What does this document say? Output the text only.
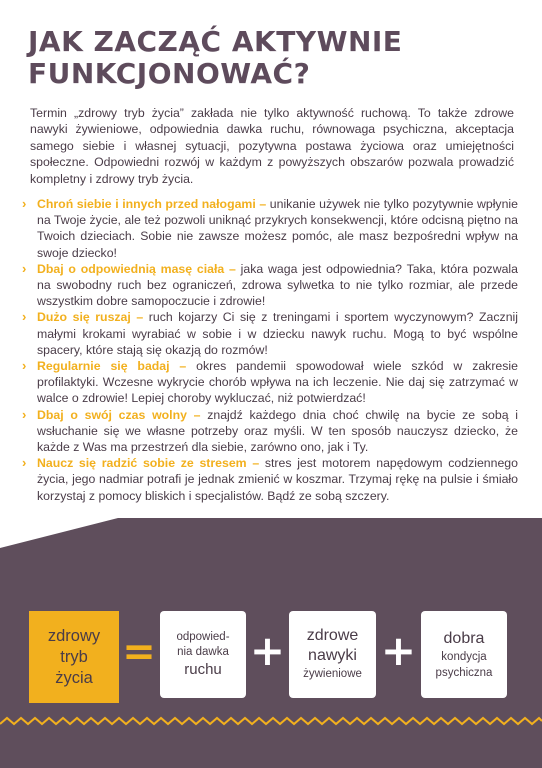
JAK ZACZĄĆ AKTYWNIE
FUNKCJONOWAĆ?

Termin „zdrowy tryb życia” zakłada nie tylko aktywność ruchową. To także zdrowe nawyki żywieniowe, odpowiednia dawka ruchu, równowaga psychiczna, akceptacja samego siebie i własnej sytuacji, pozytywna postawa życiowa oraz umiejętności społeczne. Odpowiedni rozwój w każdym z powyższych obszarów pozwala prowadzić kompletny i zdrowy tryb życia.

› Chroń siebie i innych przed nałogami – unikanie używek nie tylko pozytywnie wpłynie na Twoje życie, ale też pozwoli uniknąć przykrych konsekwencji, które odcisną piętno na Twoich dzieciach. Sobie nie zawsze możesz pomóc, ale masz bezpośredni wpływ na swoje dziecko!
› Dbaj o odpowiednią masę ciała – jaka waga jest odpowiednia? Taka, która pozwala na swobodny ruch bez ograniczeń, zdrowa sylwetka to nie tylko rozmiar, ale przede wszystkim dobre samopoczucie i zdrowie!
› Dużo się ruszaj – ruch kojarzy Ci się z treningami i sportem wyczynowym? Zacznij małymi krokami wyrabiać w sobie i w dziecku nawyk ruchu. Mogą to być wspólne spacery, które stają się okazją do rozmów!
› Regularnie się badaj – okres pandemii spowodował wiele szkód w zakresie profilaktyki. Wczesne wykrycie chorób wpływa na ich leczenie. Nie daj się zatrzymać w walce o zdrowie! Lepiej choroby wykluczać, niż potwierdzać!
› Dbaj o swój czas wolny – znajdź każdego dnia choć chwilę na bycie ze sobą i wsłuchanie się we własne potrzeby oraz myśli. W ten sposób nauczysz dziecko, że każde z Was ma przestrzeń dla siebie, zarówno ono, jak i Ty.
› Naucz się radzić sobie ze stresem – stres jest motorem napędowym codziennego życia, jego nadmiar potrafi je jednak zmienić w koszmar. Trzymaj rękę na pulsie i śmiało korzystaj z pomocy bliskich i specjalistów. Bądź ze sobą szczery.
zdrowy
tryb
życia
= odpowied-
nia dawka
ruchu + zdrowe
nawyki
żywieniowe +	dobra
kondycja
psychiczna
